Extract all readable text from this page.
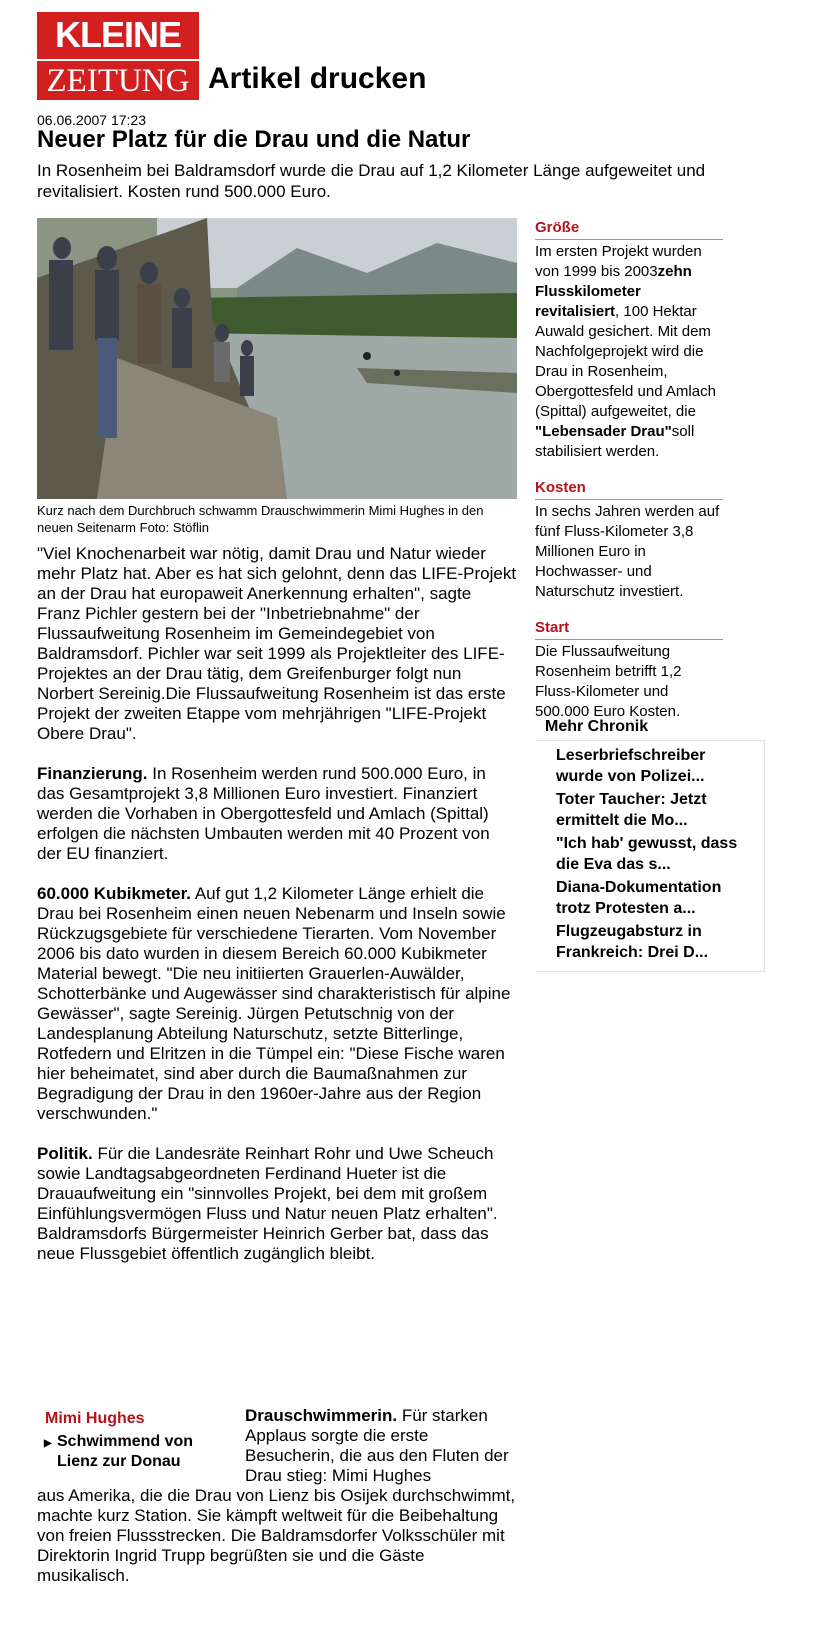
KLEINE
ZEITUNG Artikel drucken
06.06.2007 17:23
Neuer Platz für die Drau und die Natur
In Rosenheim bei Baldramsdorf wurde die Drau auf 1,2 Kilometer Länge aufgeweitet und revitalisiert. Kosten rund 500.000 Euro.
Kurz nach dem Durchbruch schwamm Drauschwimmerin Mimi Hughes in den neuen Seitenarm Foto: Stöflin

"Viel Knochenarbeit war nötig, damit Drau und Natur wieder mehr Platz hat. Aber es hat sich gelohnt, denn das LIFE-Projekt an der Drau hat europaweit Anerkennung erhalten", sagte Franz Pichler gestern bei der "Inbetriebnahme" der Flussaufweitung Rosenheim im Gemeindegebiet von Baldramsdorf. Pichler war seit 1999 als Projektleiter des LIFE-Projektes an der Drau tätig, dem Greifenburger folgt nun Norbert Sereinig.Die Flussaufweitung Rosenheim ist das erste Projekt der zweiten Etappe vom mehrjährigen "LIFE-Projekt Obere Drau".

Finanzierung. In Rosenheim werden rund 500.000 Euro, in das Gesamtprojekt 3,8 Millionen Euro investiert. Finanziert werden die Vorhaben in Obergottesfeld und Amlach (Spittal) erfolgen die nächsten Umbauten werden mit 40 Prozent von der EU finanziert.

60.000 Kubikmeter. Auf gut 1,2 Kilometer Länge erhielt die Drau bei Rosenheim einen neuen Nebenarm und Inseln sowie Rückzugsgebiete für verschiedene Tierarten. Vom November 2006 bis dato wurden in diesem Bereich 60.000 Kubikmeter Material bewegt. "Die neu initiierten Grauerlen-Auwälder, Schotterbänke und Augewässer sind charakteristisch für alpine Gewässer", sagte Sereinig. Jürgen Petutschnig von der Landesplanung Abteilung Naturschutz, setzte Bitterlinge, Rotfedern und Elritzen in die Tümpel ein: "Diese Fische waren hier beheimatet, sind aber durch die Baumaßnahmen zur Begradigung der Drau in den 1960er-Jahre aus der Region verschwunden."

Politik. Für die Landesräte Reinhart Rohr und Uwe Scheuch sowie Landtagsabgeordneten Ferdinand Hueter ist die Drauaufweitung ein "sinnvolles Projekt, bei dem mit großem Einfühlungsvermögen Fluss und Natur neuen Platz erhalten". Baldramsdorfs Bürgermeister Heinrich Gerber bat, dass das neue Flussgebiet öffentlich zugänglich bleibt.

Größe
Im ersten Projekt wurden von 1999 bis 2003zehn Flusskilometer revitalisiert, 100 Hektar Auwald gesichert. Mit dem Nachfolgeprojekt wird die Drau in Rosenheim, Obergottesfeld und Amlach (Spittal) aufgeweitet, die "Lebensader Drau"soll stabilisiert werden.
Kosten
In sechs Jahren werden auf fünf Fluss-Kilometer 3,8 Millionen Euro in Hochwasser- und Naturschutz investiert.
Start
Die Flussaufweitung Rosenheim betrifft 1,2 Fluss-Kilometer und 500.000 Euro Kosten.
Mehr Chronik
Leserbriefschreiber wurde von Polizei...
Toter Taucher: Jetzt ermittelt die Mo...
"Ich hab' gewusst, dass die Eva das s...
Diana-Dokumentation trotz Protesten a...
Flugzeugabsturz in Frankreich: Drei D...
Mimi Hughes
▶ Schwimmend von Lienz zur Donau
Drauschwimmerin. Für starken Applaus sorgte die erste Besucherin, die aus den Fluten der Drau stieg: Mimi Hughes
aus Amerika, die die Drau von Lienz bis Osijek durchschwimmt, machte kurz Station. Sie kämpft weltweit für die Beibehaltung von freien Flussstrecken. Die Baldramsdorfer Volksschüler mit Direktorin Ingrid Trupp begrüßten sie und die Gäste musikalisch.
